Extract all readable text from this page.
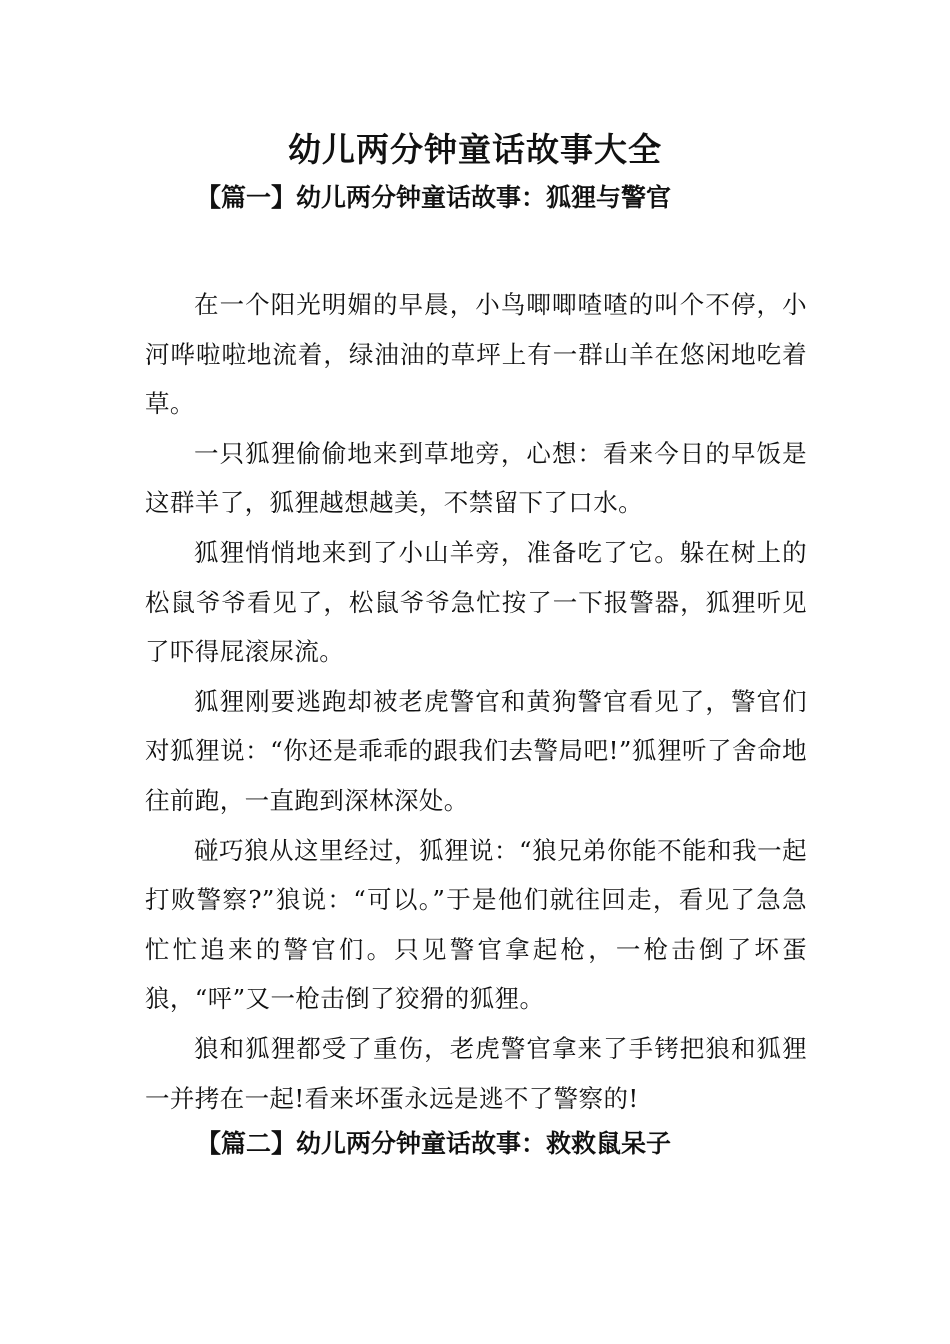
幼儿两分钟童话故事大全
【篇一】幼儿两分钟童话故事：狐狸与警官

在一个阳光明媚的早晨，小鸟唧唧喳喳的叫个不停，小河哗啦啦地流着，绿油油的草坪上有一群山羊在悠闲地吃着草。

一只狐狸偷偷地来到草地旁，心想：看来今日的早饭是这群羊了，狐狸越想越美，不禁留下了口水。

狐狸悄悄地来到了小山羊旁，准备吃了它。躲在树上的松鼠爷爷看见了，松鼠爷爷急忙按了一下报警器，狐狸听见了吓得屁滚尿流。

狐狸刚要逃跑却被老虎警官和黄狗警官看见了，警官们对狐狸说：“你还是乖乖的跟我们去警局吧!”狐狸听了舍命地往前跑，一直跑到深林深处。

碰巧狼从这里经过，狐狸说：“狼兄弟你能不能和我一起打败警察?”狼说：“可以。”于是他们就往回走，看见了急急忙忙追来的警官们。只见警官拿起枪，一枪击倒了坏蛋狼，“呯”又一枪击倒了狡猾的狐狸。

狼和狐狸都受了重伤，老虎警官拿来了手铐把狼和狐狸一并拷在一起!看来坏蛋永远是逃不了警察的!

【篇二】幼儿两分钟童话故事：救救鼠呆子
